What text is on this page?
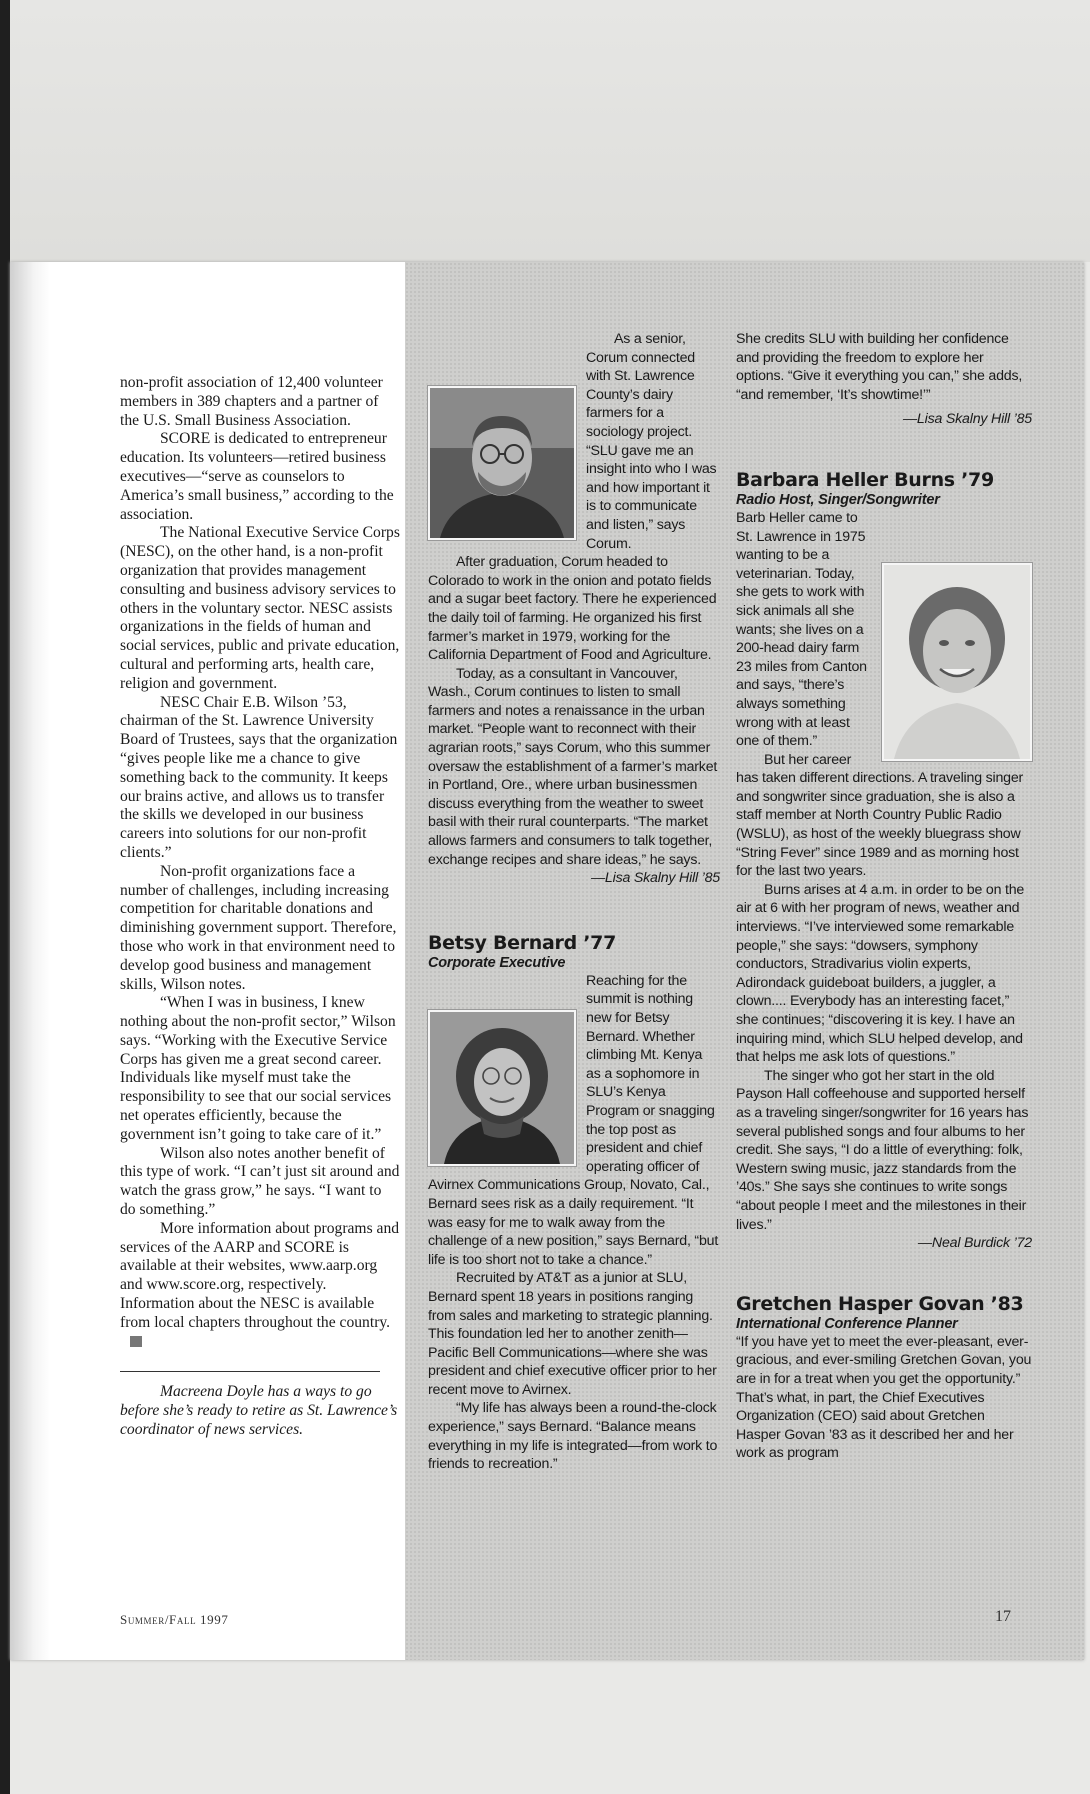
non-profit association of 12,400 volunteer members in 389 chapters and a partner of the U.S. Small Business Association.

SCORE is dedicated to entrepreneur education. Its volunteers—retired business executives—“serve as counselors to America’s small business,” according to the association.

The National Executive Service Corps (NESC), on the other hand, is a non-profit organization that provides management consulting and business advisory services to others in the voluntary sector. NESC assists organizations in the fields of human and social services, public and private education, cultural and performing arts, health care, religion and government.

NESC Chair E.B. Wilson ’53, chairman of the St. Lawrence University Board of Trustees, says that the organization “gives people like me a chance to give something back to the community. It keeps our brains active, and allows us to transfer the skills we developed in our business careers into solutions for our non-profit clients.”

Non-profit organizations face a number of challenges, including increasing competition for charitable donations and diminishing government support. Therefore, those who work in that environment need to develop good business and management skills, Wilson notes.

“When I was in business, I knew nothing about the non-profit sector,” Wilson says. “Working with the Executive Service Corps has given me a great second career. Individuals like myself must take the responsibility to see that our social services net operates efficiently, because the government isn’t going to take care of it.”

Wilson also notes another benefit of this type of work. “I can’t just sit around and watch the grass grow,” he says. “I want to do something.”

More information about programs and services of the AARP and SCORE is available at their websites, www.aarp.org and www.score.org, respectively. Information about the NESC is available from local chapters throughout the country.

Macreena Doyle has a ways to go before she’s ready to retire as St. Lawrence’s coordinator of news services.

As a senior, Corum connected with St. Lawrence County’s dairy farmers for a sociology project. “SLU gave me an insight into who I was and how important it is to communicate and listen,” says Corum.

After graduation, Corum headed to Colorado to work in the onion and potato fields and a sugar beet factory. There he experienced the daily toil of farming. He organized his first farmer’s market in 1979, working for the California Department of Food and Agriculture.

Today, as a consultant in Vancouver, Wash., Corum continues to listen to small farmers and notes a renaissance in the urban market. “People want to reconnect with their agrarian roots,” says Corum, who this summer oversaw the establishment of a farmer’s market in Portland, Ore., where urban businessmen discuss everything from the weather to sweet basil with their rural counterparts. “The market allows farmers and consumers to talk together, exchange recipes and share ideas,” he says.

—Lisa Skalny Hill ’85

Betsy Bernard ’77

Corporate Executive

Reaching for the summit is nothing new for Betsy Bernard. Whether climbing Mt. Kenya as a sophomore in SLU’s Kenya Program or snagging the top post as president and chief operating officer of Avirnex Communications Group, Novato, Cal., Bernard sees risk as a daily requirement. “It was easy for me to walk away from the challenge of a new position,” says Bernard, “but life is too short not to take a chance.”

Recruited by AT&T as a junior at SLU, Bernard spent 18 years in positions ranging from sales and marketing to strategic planning. This foundation led her to another zenith—Pacific Bell Communications—where she was president and chief executive officer prior to her recent move to Avirnex.

“My life has always been a round-the-clock experience,” says Bernard. “Balance means everything in my life is integrated—from work to friends to recreation.”

She credits SLU with building her confidence and providing the freedom to explore her options. “Give it everything you can,” she adds, “and remember, ‘It’s showtime!’”

—Lisa Skalny Hill ’85

Barbara Heller Burns ’79

Radio Host, Singer/Songwriter

Barb Heller came to St. Lawrence in 1975 wanting to be a veterinarian. Today, she gets to work with sick animals all she wants; she lives on a 200-head dairy farm 23 miles from Canton and says, “there’s always something wrong with at least one of them.”

But her career has taken different directions. A traveling singer and songwriter since graduation, she is also a staff member at North Country Public Radio (WSLU), as host of the weekly bluegrass show “String Fever” since 1989 and as morning host for the last two years.

Burns arises at 4 a.m. in order to be on the air at 6 with her program of news, weather and interviews. “I’ve interviewed some remarkable people,” she says: “dowsers, symphony conductors, Stradivarius violin experts, Adirondack guideboat builders, a juggler, a clown.... Everybody has an interesting facet,” she continues; “discovering it is key. I have an inquiring mind, which SLU helped develop, and that helps me ask lots of questions.”

The singer who got her start in the old Payson Hall coffeehouse and supported herself as a traveling singer/songwriter for 16 years has several published songs and four albums to her credit. She says, “I do a little of everything: folk, Western swing music, jazz standards from the ’40s.” She says she continues to write songs “about people I meet and the milestones in their lives.”

—Neal Burdick ’72

Gretchen Hasper Govan ’83

International Conference Planner

“If you have yet to meet the ever-pleasant, ever-gracious, and ever-smiling Gretchen Govan, you are in for a treat when you get the opportunity.” That’s what, in part, the Chief Executives Organization (CEO) said about Gretchen Hasper Govan ’83 as it described her and her work as program

Summer/Fall 1997	17
